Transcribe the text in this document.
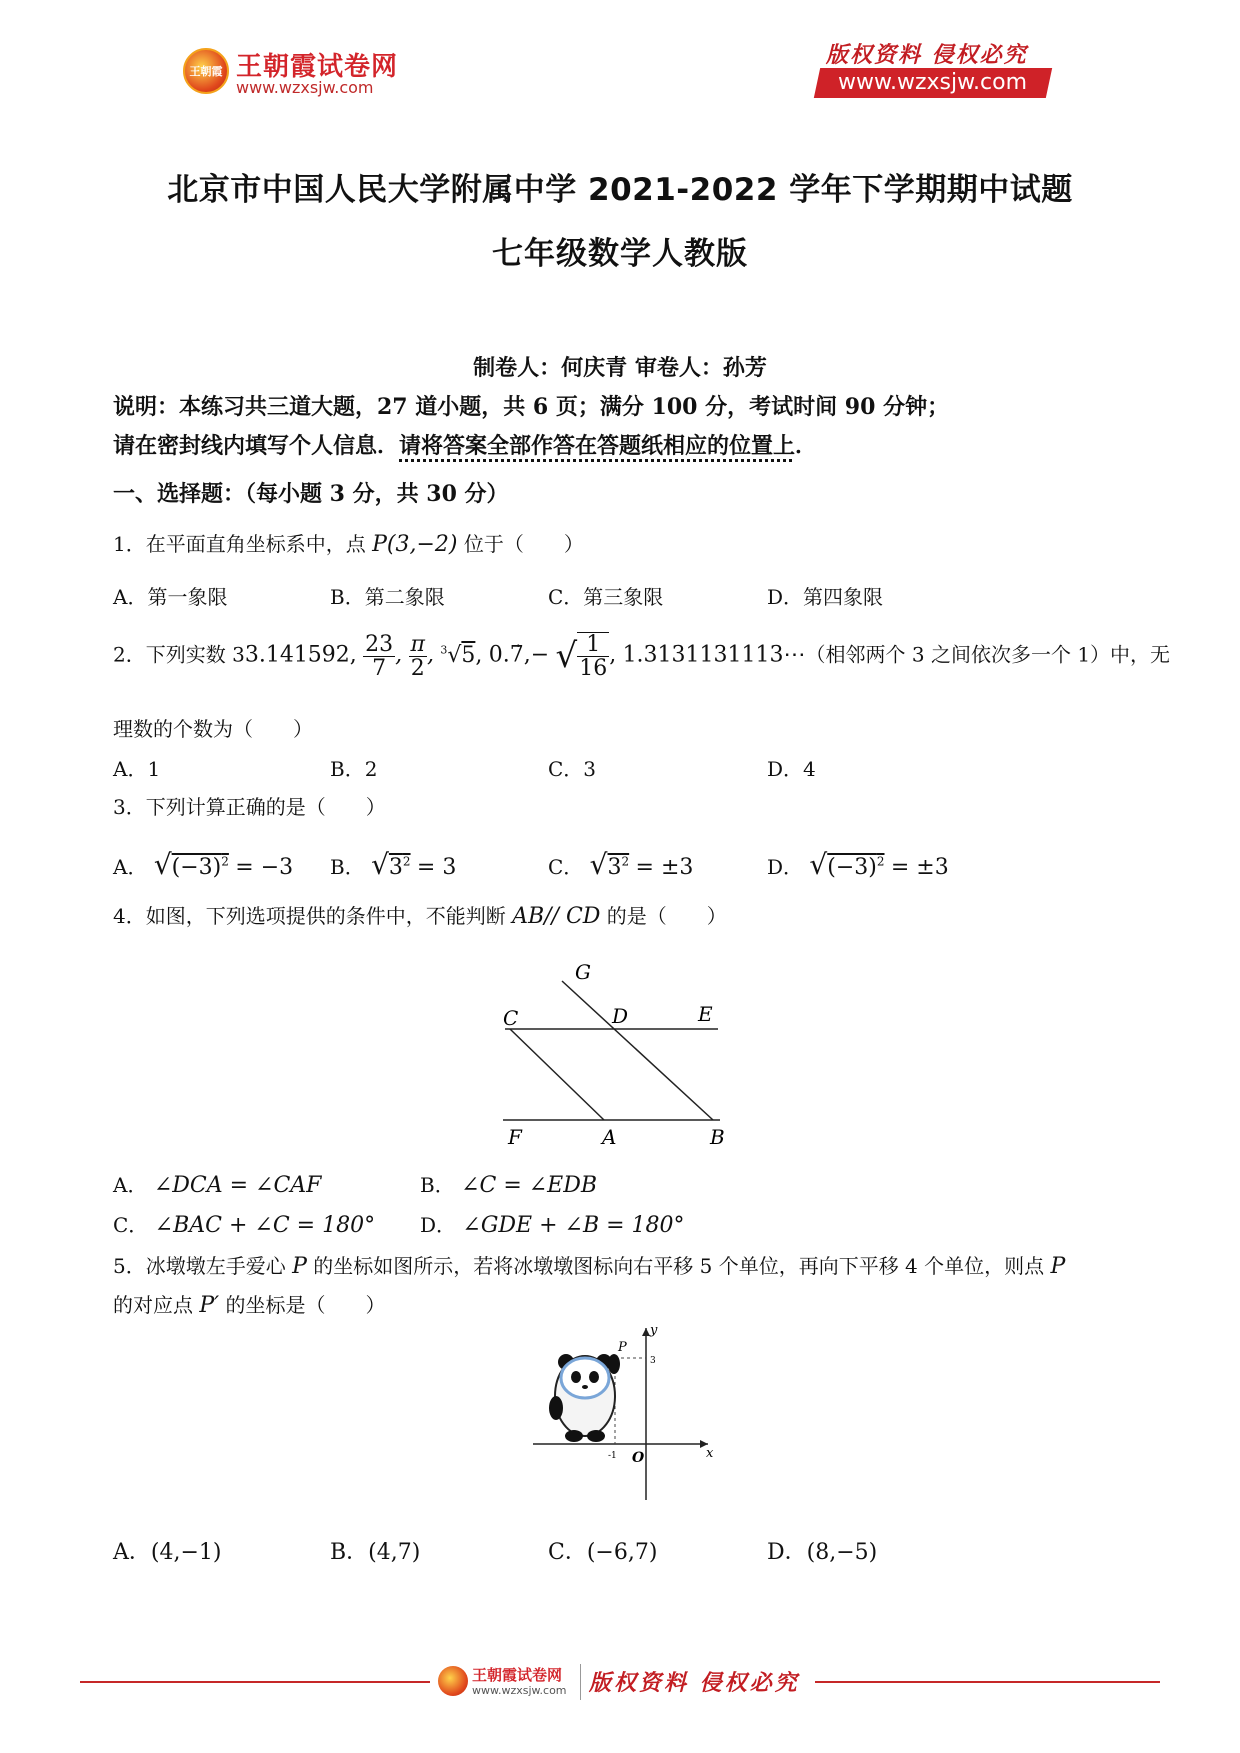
王朝霞 王朝霞试卷网
www.wzxsjw.com
版权资料 侵权必究
www.wzxsjw.com
北京市中国人民大学附属中学 2021-2022 学年下学期期中试题
七年级数学人教版
制卷人：何庆青 审卷人：孙芳
说明：本练习共三道大题，27 道小题，共 6 页；满分 100 分，考试时间 90 分钟；
请在密封线内填写个人信息．请将答案全部作答在答题纸相应的位置上．
一、选择题：（每小题 3 分，共 30 分）
1．在平面直角坐标系中，点 P(3,−2) 位于（　　）
A．第一象限	B．第二象限	C．第三象限	D．第四象限
2．下列实数 33.141592, $\frac{23}{7}$ , $\frac{\pi}{2}$ , $^3$√5, 0.7̇,− √ $\frac{1}{16}$ , 1.3131131113⋯（相邻两个 3 之间依次多一个 1）中，无
理数的个数为（　　）
A．1	B．2	C．3	D．4
3．下列计算正确的是（　　）
A． $√(-3)^2 = -3$ B． $√3^2 = 3$	C． $√3^2 = \pm 3$	D． $√(-3)^2 = \pm 3$
4．如图，下列选项提供的条件中，不能判断 AB// CD 的是（　　）
G
C	D	E
F	A	B
A． ∠DCA = ∠CAF	B． ∠C = ∠EDB
C． ∠BAC + ∠C = 180° D． ∠GDE + ∠B = 180°
5．冰墩墩左手爱心 P 的坐标如图所示，若将冰墩墩图标向右平移 5 个单位，再向下平移 4 个单位，则点 P
的对应点 P′ 的坐标是（　　）
P
y
x
3
-1 O
A．(4,−1)	B．(4,7)	C．(−6,7)	D．(8,−5)
王朝霞试卷网
www.wzxsjw.com 版权资料 侵权必究
